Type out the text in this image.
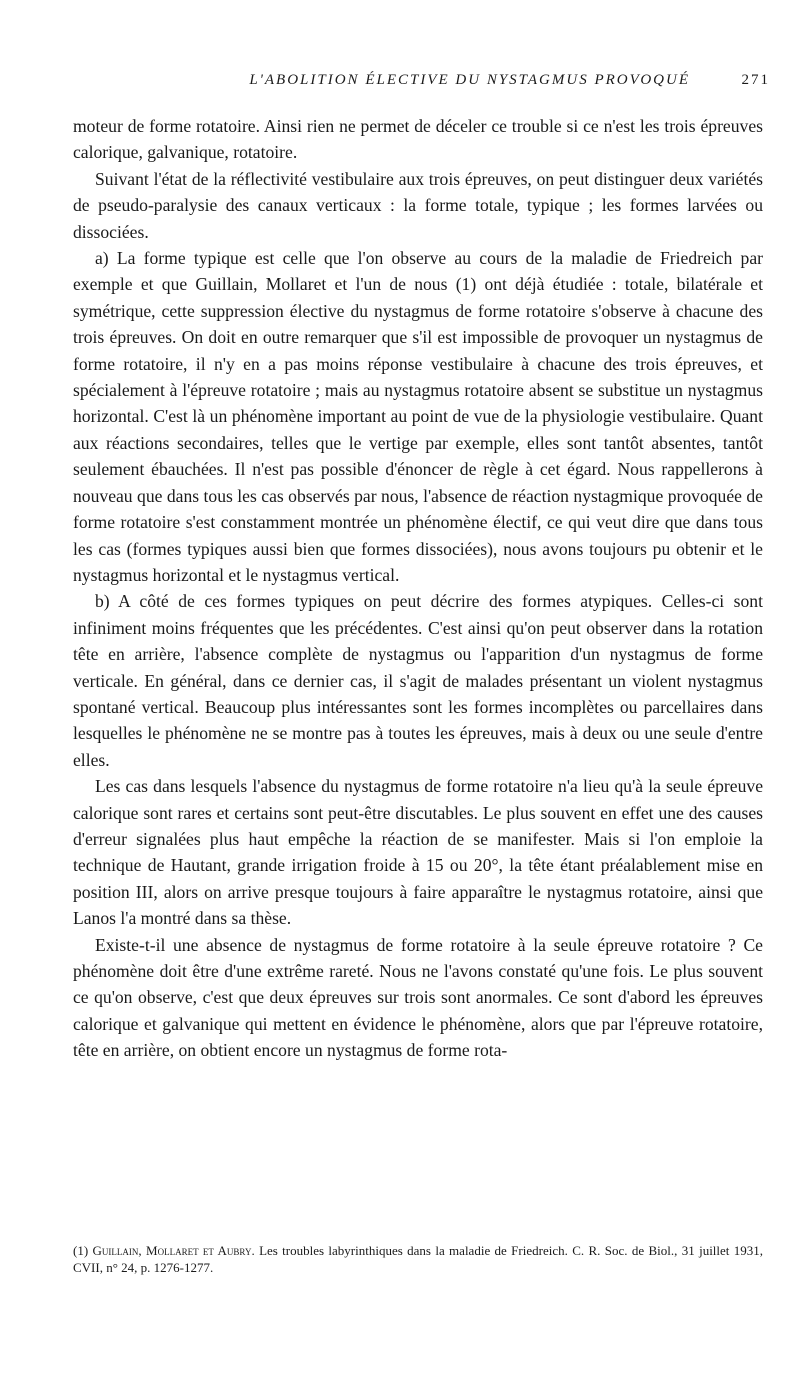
L'ABOLITION ÉLECTIVE DU NYSTAGMUS PROVOQUÉ	271

moteur de forme rotatoire. Ainsi rien ne permet de déceler ce trouble si ce n'est les trois épreuves calorique, galvanique, rotatoire.

Suivant l'état de la réflectivité vestibulaire aux trois épreuves, on peut distinguer deux variétés de pseudo-paralysie des canaux verticaux : la forme totale, typique ; les formes larvées ou dissociées.

a) La forme typique est celle que l'on observe au cours de la maladie de Friedreich par exemple et que Guillain, Mollaret et l'un de nous (1) ont déjà étudiée : totale, bilatérale et symétrique, cette suppression élective du nystagmus de forme rotatoire s'observe à chacune des trois épreuves. On doit en outre remarquer que s'il est impossible de provoquer un nystagmus de forme rotatoire, il n'y en a pas moins réponse vestibulaire à chacune des trois épreuves, et spécialement à l'épreuve rotatoire ; mais au nystagmus rotatoire absent se substitue un nystagmus horizontal. C'est là un phénomène important au point de vue de la physiologie vestibulaire. Quant aux réactions secondaires, telles que le vertige par exemple, elles sont tantôt absentes, tantôt seulement ébauchées. Il n'est pas possible d'énoncer de règle à cet égard. Nous rappellerons à nouveau que dans tous les cas observés par nous, l'absence de réaction nystagmique provoquée de forme rotatoire s'est constamment montrée un phénomène électif, ce qui veut dire que dans tous les cas (formes typiques aussi bien que formes dissociées), nous avons toujours pu obtenir et le nystagmus horizontal et le nystagmus vertical.

b) A côté de ces formes typiques on peut décrire des formes atypiques. Celles-ci sont infiniment moins fréquentes que les précédentes. C'est ainsi qu'on peut observer dans la rotation tête en arrière, l'absence complète de nystagmus ou l'apparition d'un nystagmus de forme verticale. En général, dans ce dernier cas, il s'agit de malades présentant un violent nystagmus spontané vertical. Beaucoup plus intéressantes sont les formes incomplètes ou parcellaires dans lesquelles le phénomène ne se montre pas à toutes les épreuves, mais à deux ou une seule d'entre elles.

Les cas dans lesquels l'absence du nystagmus de forme rotatoire n'a lieu qu'à la seule épreuve calorique sont rares et certains sont peut-être discutables. Le plus souvent en effet une des causes d'erreur signalées plus haut empêche la réaction de se manifester. Mais si l'on emploie la technique de Hautant, grande irrigation froide à 15 ou 20°, la tête étant préalablement mise en position III, alors on arrive presque toujours à faire apparaître le nystagmus rotatoire, ainsi que Lanos l'a montré dans sa thèse.

Existe-t-il une absence de nystagmus de forme rotatoire à la seule épreuve rotatoire ? Ce phénomène doit être d'une extrême rareté. Nous ne l'avons constaté qu'une fois. Le plus souvent ce qu'on observe, c'est que deux épreuves sur trois sont anormales. Ce sont d'abord les épreuves calorique et galvanique qui mettent en évidence le phénomène, alors que par l'épreuve rotatoire, tête en arrière, on obtient encore un nystagmus de forme rota-

(1) Guillain, Mollaret et Aubry. Les troubles labyrinthiques dans la maladie de Friedreich. C. R. Soc. de Biol., 31 juillet 1931, CVII, n° 24, p. 1276-1277.
